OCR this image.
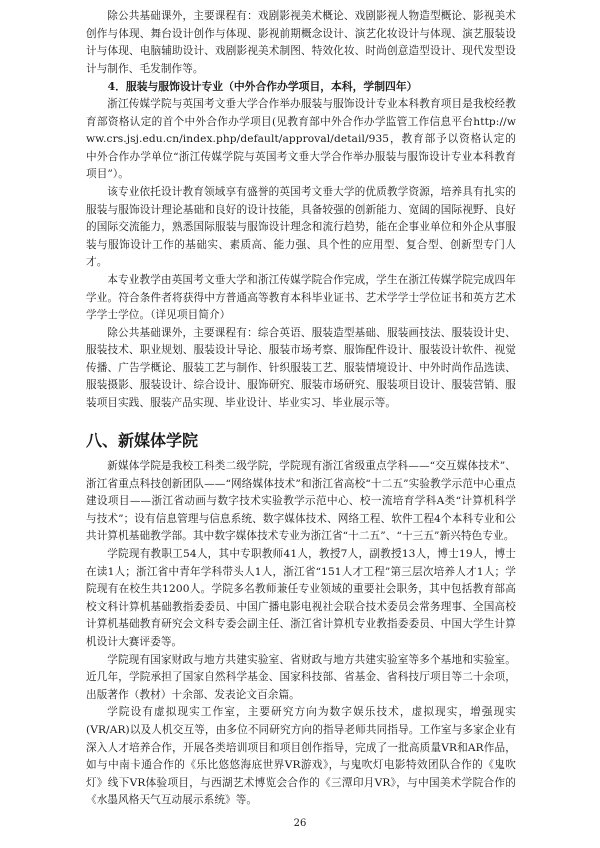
除公共基础课外，主要课程有：戏剧影视美术概论、戏剧影视人物造型概论、影视美术创作与体现、舞台设计创作与体现、影视前期概念设计、演艺化妆设计与体现、演艺服装设计与体现、电脑辅助设计、戏剧影视美术制图、特效化妆、时尚创意造型设计、现代发型设计与制作、毛发制作等。

4．服装与服饰设计专业（中外合作办学项目，本科，学制四年）

浙江传媒学院与英国考文垂大学合作举办服装与服饰设计专业本科教育项目是我校经教育部资格认定的首个中外合作办学项目(见教育部中外合作办学监管工作信息平台http://www.crs.jsj.edu.cn/index.php/default/approval/detail/935，教育部予以资格认定的中外合作办学单位“浙江传媒学院与英国考文垂大学合作举办服装与服饰设计专业本科教育项目”）。

该专业依托设计教育领域享有盛誉的英国考文垂大学的优质教学资源，培养具有扎实的服装与服饰设计理论基础和良好的设计技能，具备较强的创新能力、宽阔的国际视野、良好的国际交流能力，熟悉国际服装与服饰设计理念和流行趋势，能在企事业单位和外企从事服装与服饰设计工作的基础实、素质高、能力强、具个性的应用型、复合型、创新型专门人才。

本专业教学由英国考文垂大学和浙江传媒学院合作完成，学生在浙江传媒学院完成四年学业。符合条件者将获得中方普通高等教育本科毕业证书、艺术学学士学位证书和英方艺术学学士学位。（详见项目简介）

除公共基础课外，主要课程有：综合英语、服装造型基础、服装画技法、服装设计史、服装技术、职业规划、服装设计导论、服装市场考察、服饰配件设计、服装设计软件、视觉传播、广告学概论、服装工艺与制作、针织服装工艺、服装情境设计、中外时尚作品选读、服装摄影、服装设计、综合设计、服饰研究、服装市场研究、服装项目设计、服装营销、服装项目实践、服装产品实现、毕业设计、毕业实习、毕业展示等。

八、新媒体学院

新媒体学院是我校工科类二级学院，学院现有浙江省级重点学科——“交互媒体技术”、浙江省重点科技创新团队——“网络媒体技术”和浙江省高校“十二五”实验教学示范中心重点建设项目——浙江省动画与数字技术实验教学示范中心、校一流培育学科A类“计算机科学与技术”；设有信息管理与信息系统、数字媒体技术、网络工程、软件工程4个本科专业和公共计算机基础教学部。其中数字媒体技术专业为浙江省“十二五”、“十三五”新兴特色专业。

学院现有教职工54人，其中专职教师41人，教授7人，副教授13人，博士19人，博士在读1人；浙江省中青年学科带头人1人，浙江省“151人才工程”第三层次培养人才1人；学院现有在校生共1200人。学院多名教师兼任专业领域的重要社会职务，其中包括教育部高校文科计算机基础教指委委员、中国广播电影电视社会联合技术委员会常务理事、全国高校计算机基础教育研究会文科专委会副主任、浙江省计算机专业教指委委员、中国大学生计算机设计大赛评委等。

学院现有国家财政与地方共建实验室、省财政与地方共建实验室等多个基地和实验室。近几年，学院承担了国家自然科学基金、国家科技部、省基金、省科技厅项目等二十余项，出版著作（教材）十余部、发表论文百余篇。

学院设有虚拟现实工作室，主要研究方向为数字娱乐技术，虚拟现实，增强现实(VR/AR)以及人机交互等，由多位不同研究方向的指导老师共同指导。工作室与多家企业有深入人才培养合作，开展各类培训项目和项目创作指导，完成了一批高质量VR和AR作品，如与中南卡通合作的《乐比悠悠海底世界VR游戏》，与鬼吹灯电影特效团队合作的《鬼吹灯》线下VR体验项目，与西湖艺术博览会合作的《三潭印月VR》，与中国美术学院合作的《水墨风格天气互动展示系统》等。

26
